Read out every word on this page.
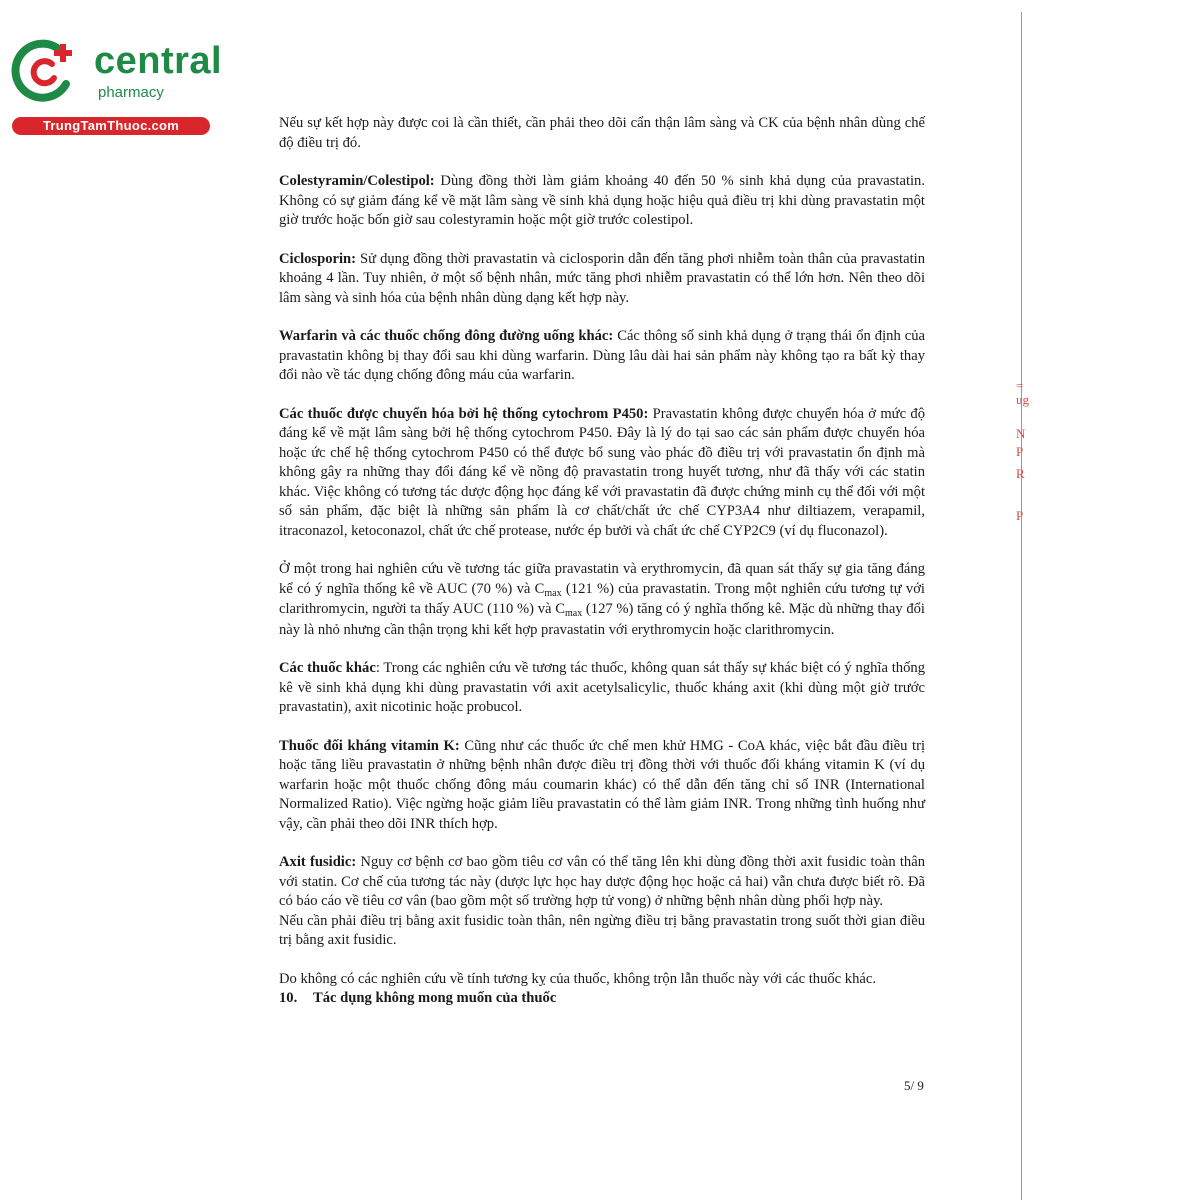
central
pharmacy
TrungTamThuoc.com
=
ug
N
P
R
P

Nếu sự kết hợp này được coi là cần thiết, cần phải theo dõi cẩn thận lâm sàng và CK của bệnh nhân dùng chế độ điều trị đó.

Colestyramin/Colestipol: Dùng đồng thời làm giảm khoảng 40 đến 50 % sinh khả dụng của pravastatin. Không có sự giảm đáng kể về mặt lâm sàng về sinh khả dụng hoặc hiệu quả điều trị khi dùng pravastatin một giờ trước hoặc bốn giờ sau colestyramin hoặc một giờ trước colestipol.

Ciclosporin: Sử dụng đồng thời pravastatin và ciclosporin dẫn đến tăng phơi nhiễm toàn thân của pravastatin khoảng 4 lần. Tuy nhiên, ở một số bệnh nhân, mức tăng phơi nhiễm pravastatin có thể lớn hơn. Nên theo dõi lâm sàng và sinh hóa của bệnh nhân dùng dạng kết hợp này.

Warfarin và các thuốc chống đông đường uống khác: Các thông số sinh khả dụng ở trạng thái ổn định của pravastatin không bị thay đổi sau khi dùng warfarin. Dùng lâu dài hai sản phẩm này không tạo ra bất kỳ thay đổi nào về tác dụng chống đông máu của warfarin.

Các thuốc được chuyển hóa bởi hệ thống cytochrom P450: Pravastatin không được chuyển hóa ở mức độ đáng kể về mặt lâm sàng bởi hệ thống cytochrom P450. Đây là lý do tại sao các sản phẩm được chuyển hóa hoặc ức chế hệ thống cytochrom P450 có thể được bổ sung vào phác đồ điều trị với pravastatin ổn định mà không gây ra những thay đổi đáng kể về nồng độ pravastatin trong huyết tương, như đã thấy với các statin khác. Việc không có tương tác dược động học đáng kể với pravastatin đã được chứng minh cụ thể đối với một số sản phẩm, đặc biệt là những sản phẩm là cơ chất/chất ức chế CYP3A4 như diltiazem, verapamil, itraconazol, ketoconazol, chất ức chế protease, nước ép bưởi và chất ức chế CYP2C9 (ví dụ fluconazol).

Ở một trong hai nghiên cứu về tương tác giữa pravastatin và erythromycin, đã quan sát thấy sự gia tăng đáng kể có ý nghĩa thống kê về AUC (70 %) và $C_{max}$ (121 %) của pravastatin. Trong một nghiên cứu tương tự với clarithromycin, người ta thấy AUC (110 %) và $C_{max}$ (127 %) tăng có ý nghĩa thống kê. Mặc dù những thay đổi này là nhỏ nhưng cần thận trọng khi kết hợp pravastatin với erythromycin hoặc clarithromycin.

Các thuốc khác: Trong các nghiên cứu về tương tác thuốc, không quan sát thấy sự khác biệt có ý nghĩa thống kê về sinh khả dụng khi dùng pravastatin với axit acetylsalicylic, thuốc kháng axit (khi dùng một giờ trước pravastatin), axit nicotinic hoặc probucol.

Thuốc đối kháng vitamin K: Cũng như các thuốc ức chế men khử HMG - CoA khác, việc bắt đầu điều trị hoặc tăng liều pravastatin ở những bệnh nhân được điều trị đồng thời với thuốc đối kháng vitamin K (ví dụ warfarin hoặc một thuốc chống đông máu coumarin khác) có thể dẫn đến tăng chỉ số INR (International Normalized Ratio). Việc ngừng hoặc giảm liều pravastatin có thể làm giảm INR. Trong những tình huống như vậy, cần phải theo dõi INR thích hợp.

Axit fusidic: Nguy cơ bệnh cơ bao gồm tiêu cơ vân có thể tăng lên khi dùng đồng thời axit fusidic toàn thân với statin. Cơ chế của tương tác này (dược lực học hay dược động học hoặc cả hai) vẫn chưa được biết rõ. Đã có báo cáo về tiêu cơ vân (bao gồm một số trường hợp tử vong) ở những bệnh nhân dùng phối hợp này.

Nếu cần phải điều trị bằng axit fusidic toàn thân, nên ngừng điều trị bằng pravastatin trong suốt thời gian điều trị bằng axit fusidic.

Do không có các nghiên cứu về tính tương kỵ của thuốc, không trộn lẫn thuốc này với các thuốc khác.

10. Tác dụng không mong muốn của thuốc

5/ 9
